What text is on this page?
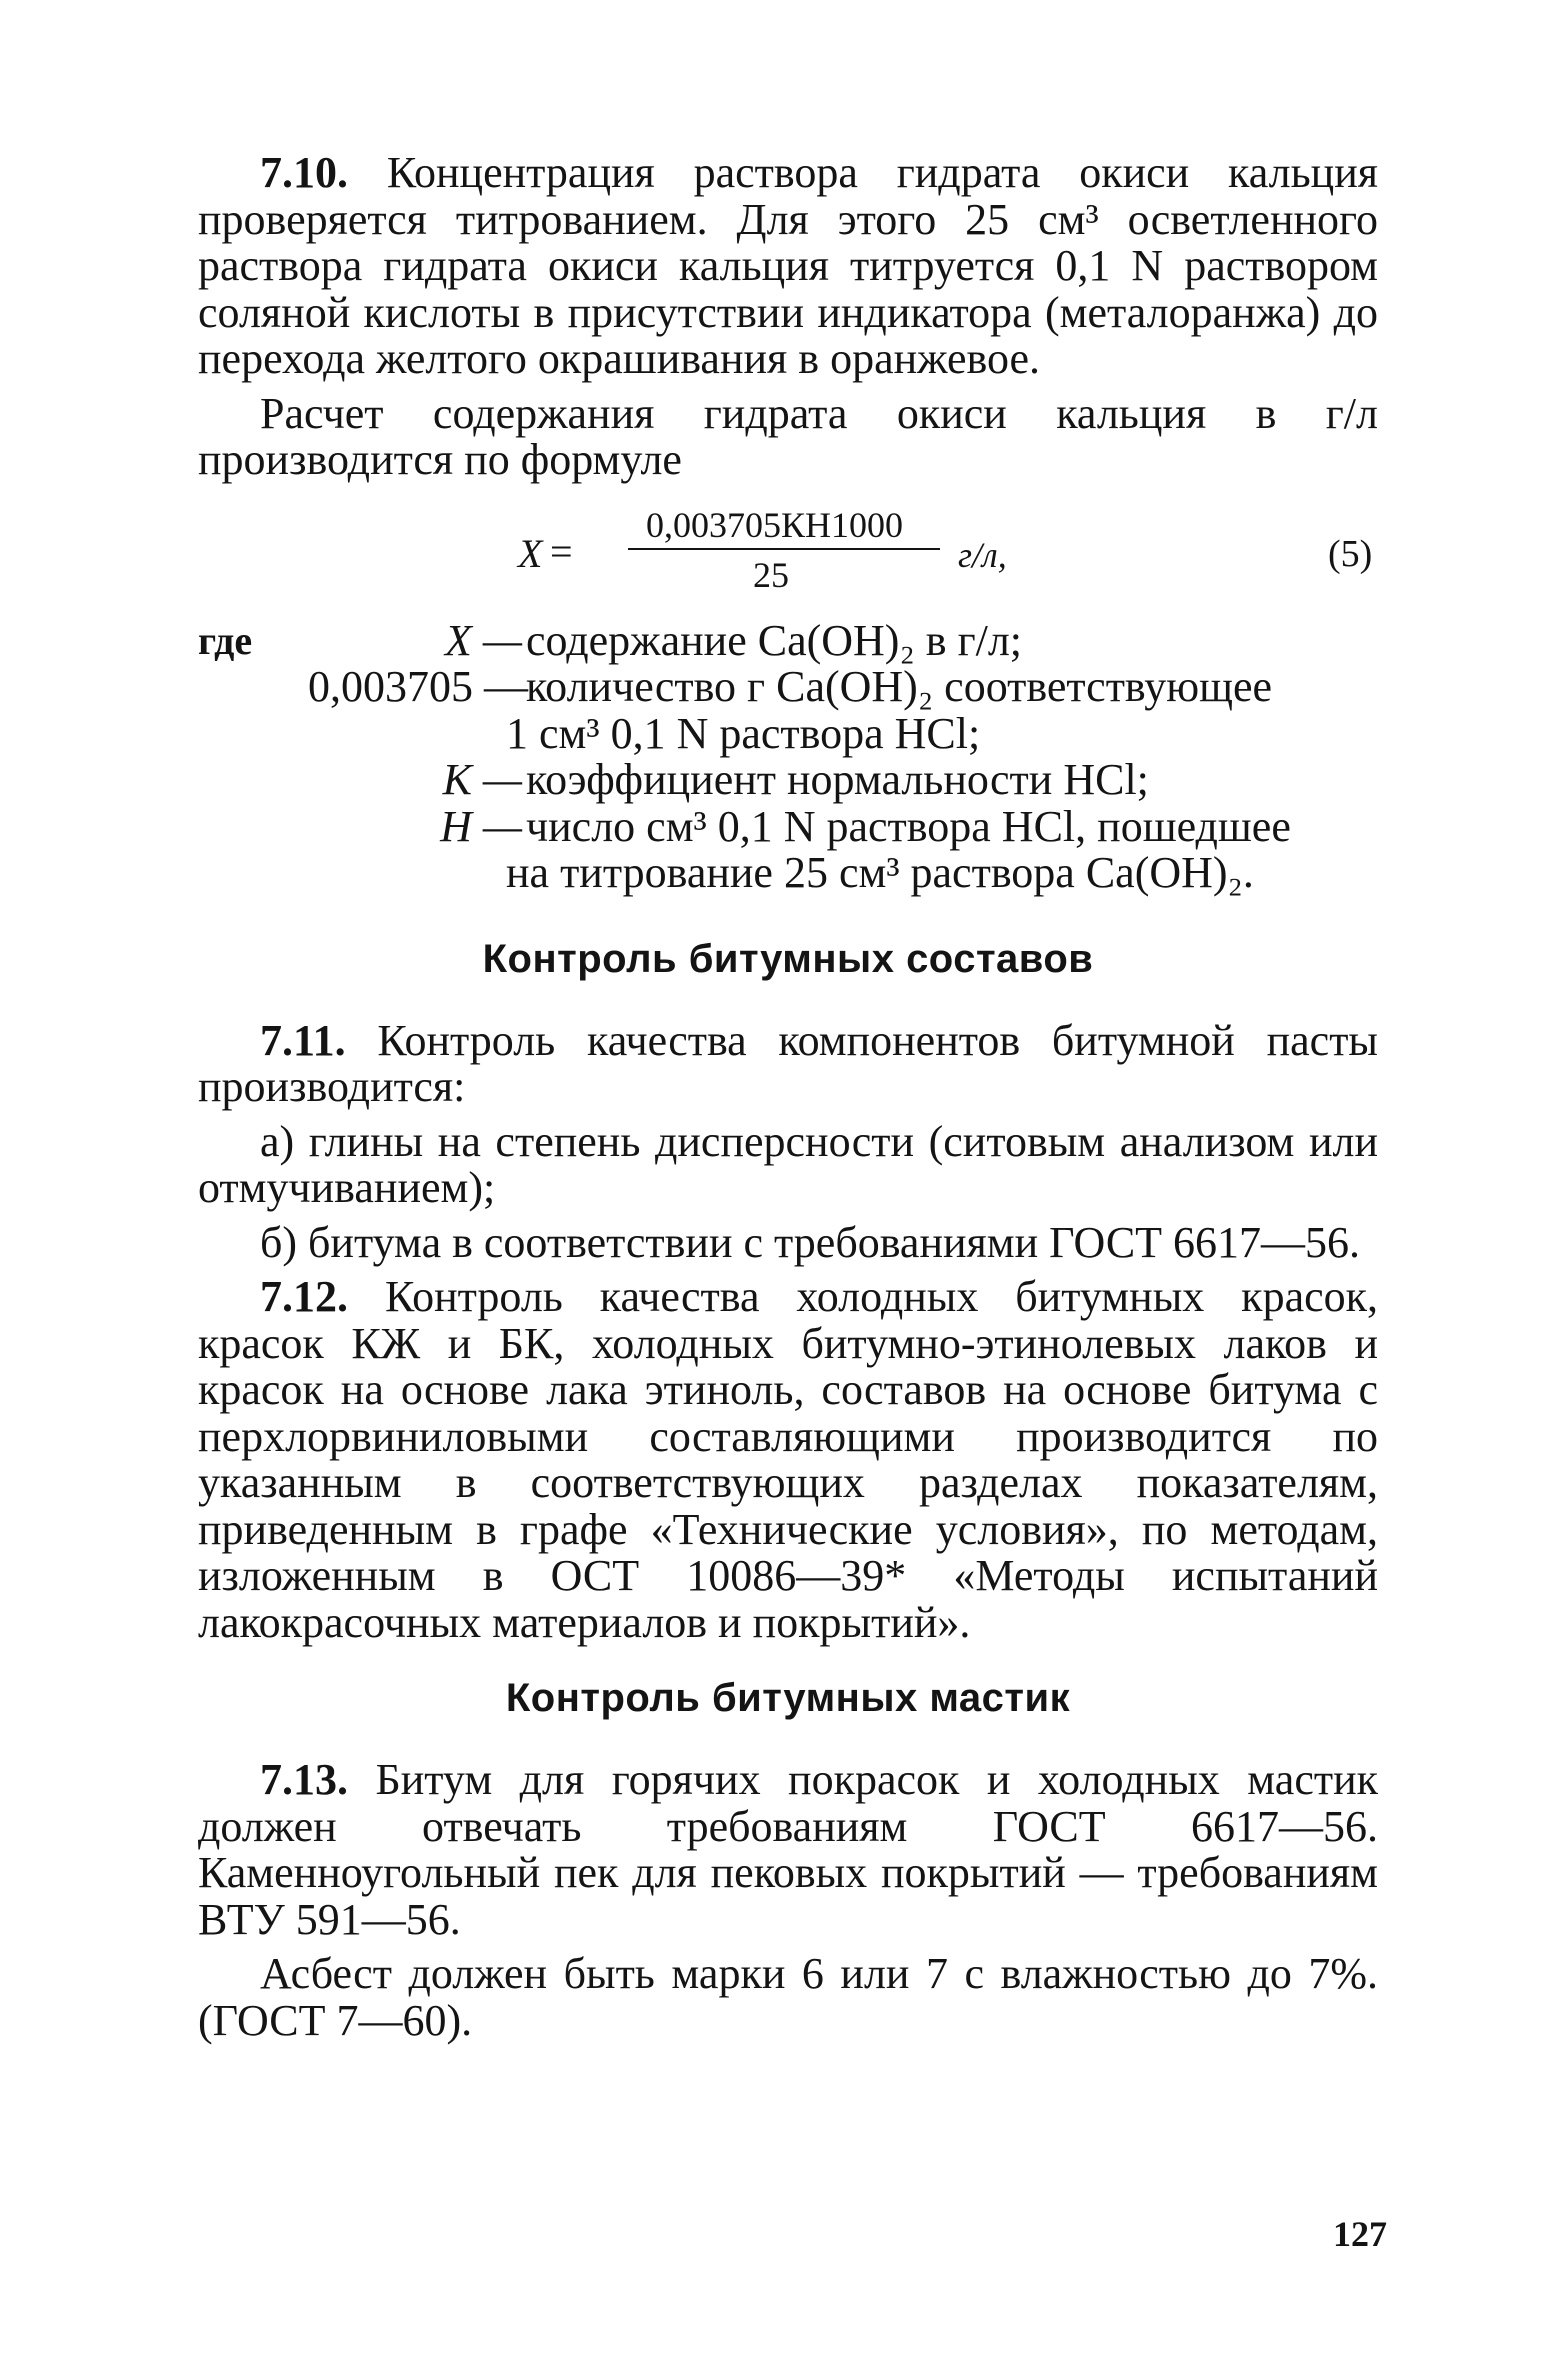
7.10. Концентрация раствора гидрата окиси кальция проверяется титрованием. Для этого 25 см³ осветленного раствора гидрата окиси кальция титруется 0,1 N раствором соляной кислоты в присутствии индикатора (металоранжа) до перехода желтого окрашивания в оранжевое.

Расчет содержания гидрата окиси кальция в г/л производится по формуле

X =
0,003705КН1000
25	г/л,	(5)
где	X — содержание Ca(OH)₂ в г/л;
0,003705 —
количество г Ca(OH)₂ соответствующее
1 см³ 0,1 N раствора HCl;
К — коэффициент нормальности HCl;
Н — число см³ 0,1 N раствора HCl, пошедшее
на титрование 25 см³ раствора Ca(OH)₂.
Контроль битумных составов

7.11. Контроль качества компонентов битумной пасты производится:

а) глины на степень дисперсности (ситовым анализом или отмучиванием);

б) битума в соответствии с требованиями ГОСТ 6617—56.

7.12. Контроль качества холодных битумных красок, красок КЖ и БК, холодных битумно-этинолевых лаков и красок на основе лака этиноль, составов на основе битума с перхлорвиниловыми составляющими производится по указанным в соответствующих разделах показателям, приведенным в графе «Технические условия», по методам, изложенным в ОСТ 10086—39* «Методы испытаний лакокрасочных материалов и покрытий».

Контроль битумных мастик

7.13. Битум для горячих покрасок и холодных мастик должен отвечать требованиям ГОСТ 6617—56. Каменноугольный пек для пековых покрытий — требованиям ВТУ 591—56.

Асбест должен быть марки 6 или 7 с влажностью до 7%. (ГОСТ 7—60).

127
